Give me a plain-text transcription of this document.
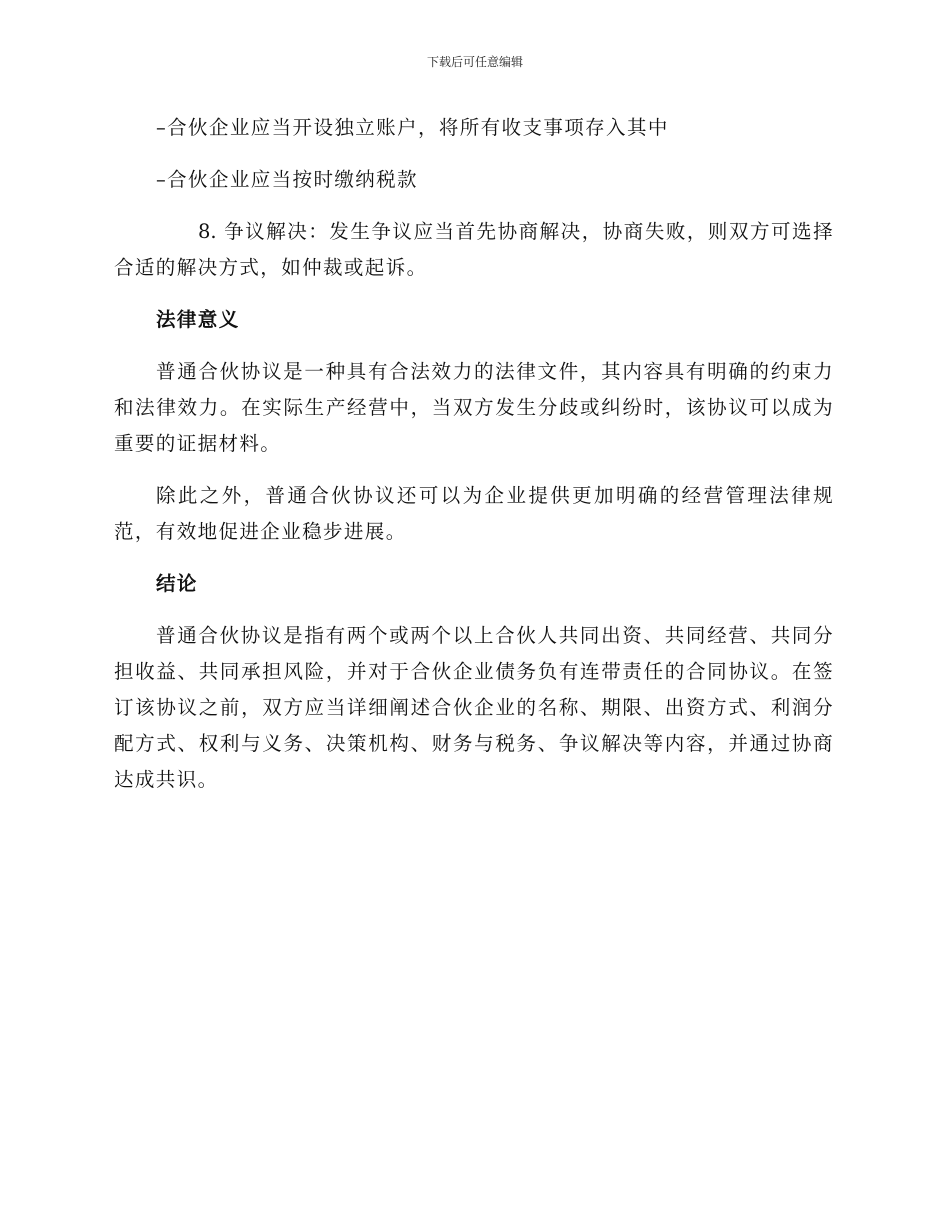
下载后可任意编辑

–合伙企业应当开设独立账户，将所有收支事项存入其中

–合伙企业应当按时缴纳税款

8. 争议解决：发生争议应当首先协商解决，协商失败，则双方可选择合适的解决方式，如仲裁或起诉。

法律意义

普通合伙协议是一种具有合法效力的法律文件，其内容具有明确的约束力和法律效力。在实际生产经营中，当双方发生分歧或纠纷时，该协议可以成为重要的证据材料。

除此之外，普通合伙协议还可以为企业提供更加明确的经营管理法律规范，有效地促进企业稳步进展。

结论

普通合伙协议是指有两个或两个以上合伙人共同出资、共同经营、共同分担收益、共同承担风险，并对于合伙企业债务负有连带责任的合同协议。在签订该协议之前，双方应当详细阐述合伙企业的名称、期限、出资方式、利润分配方式、权利与义务、决策机构、财务与税务、争议解决等内容，并通过协商达成共识。
